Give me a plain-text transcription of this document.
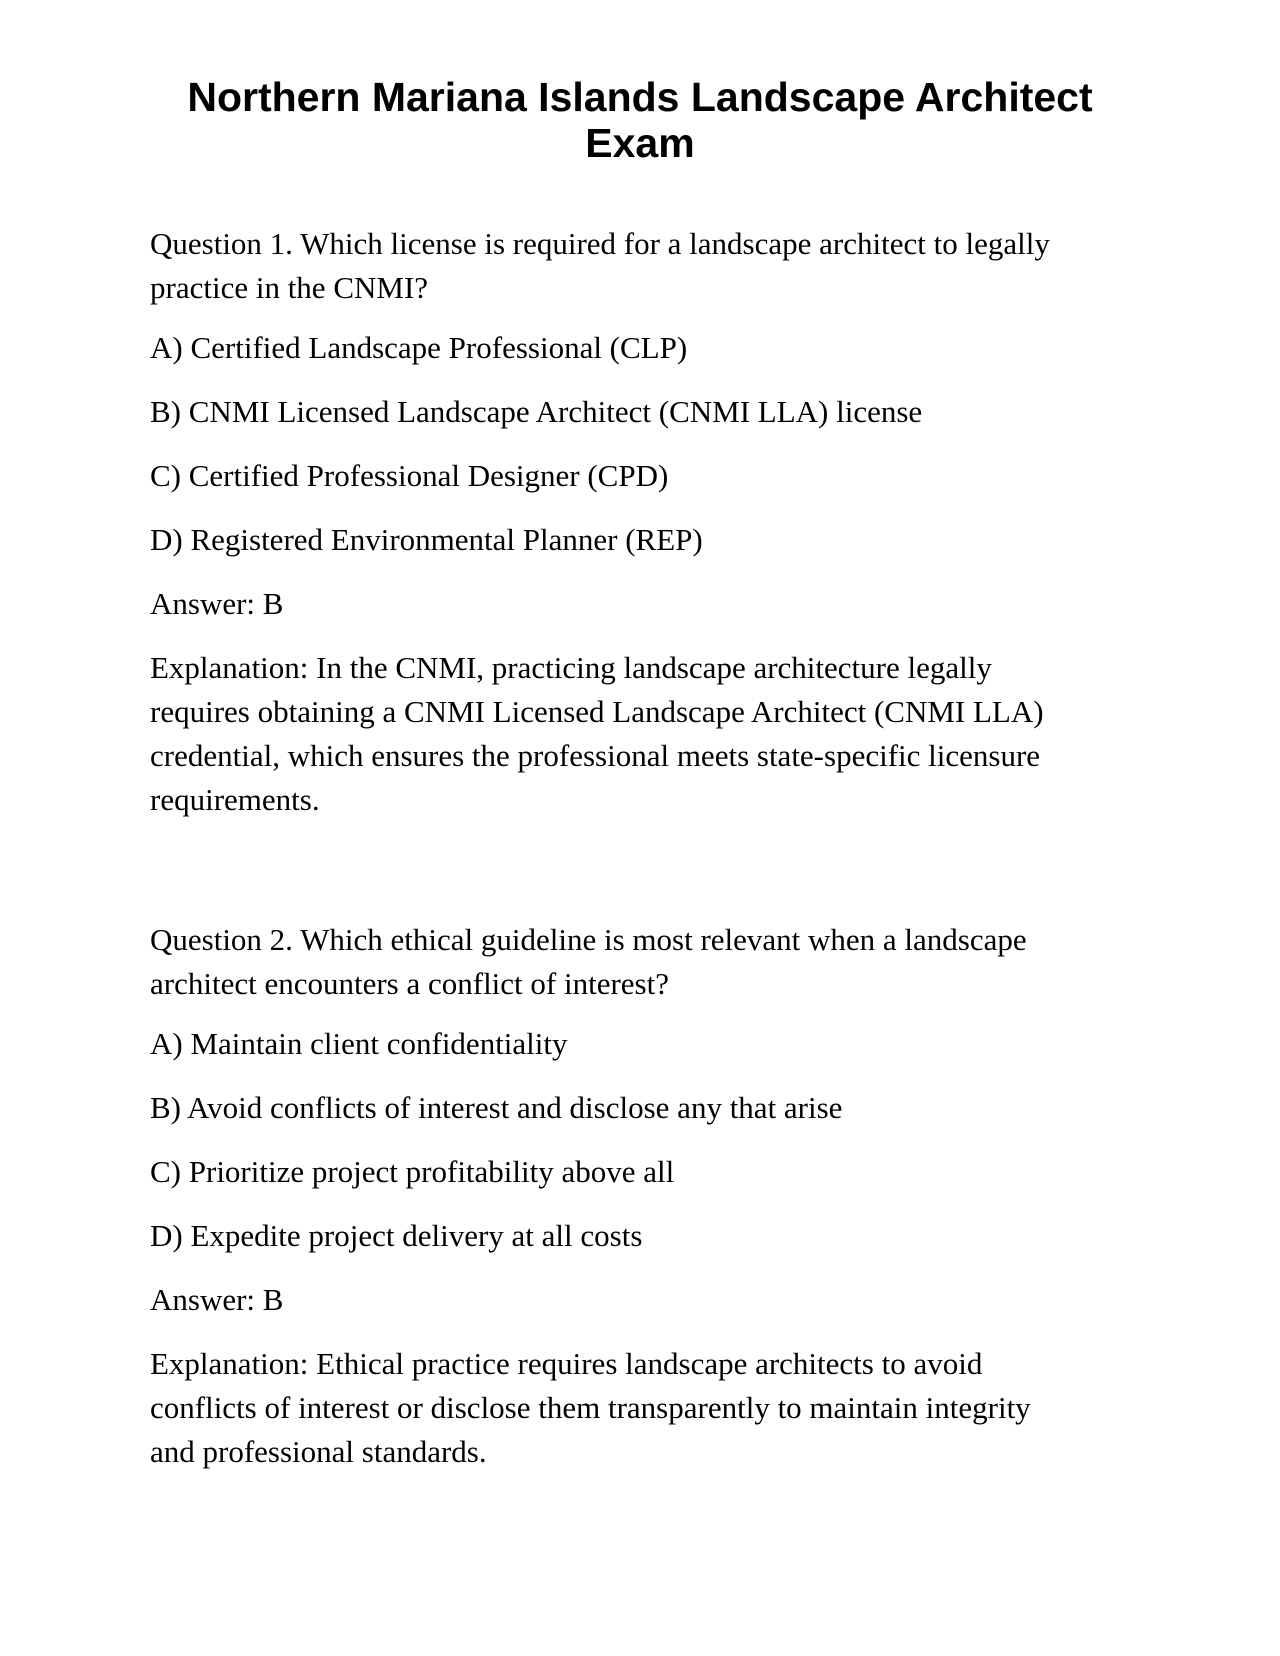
Northern Mariana Islands Landscape Architect
Exam

Question 1. Which license is required for a landscape architect to legally
practice in the CNMI?

A) Certified Landscape Professional (CLP)

B) CNMI Licensed Landscape Architect (CNMI LLA) license

C) Certified Professional Designer (CPD)

D) Registered Environmental Planner (REP)

Answer: B

Explanation: In the CNMI, practicing landscape architecture legally
requires obtaining a CNMI Licensed Landscape Architect (CNMI LLA)
credential, which ensures the professional meets state-specific licensure
requirements.

Question 2. Which ethical guideline is most relevant when a landscape
architect encounters a conflict of interest?

A) Maintain client confidentiality

B) Avoid conflicts of interest and disclose any that arise

C) Prioritize project profitability above all

D) Expedite project delivery at all costs

Answer: B

Explanation: Ethical practice requires landscape architects to avoid
conflicts of interest or disclose them transparently to maintain integrity
and professional standards.
